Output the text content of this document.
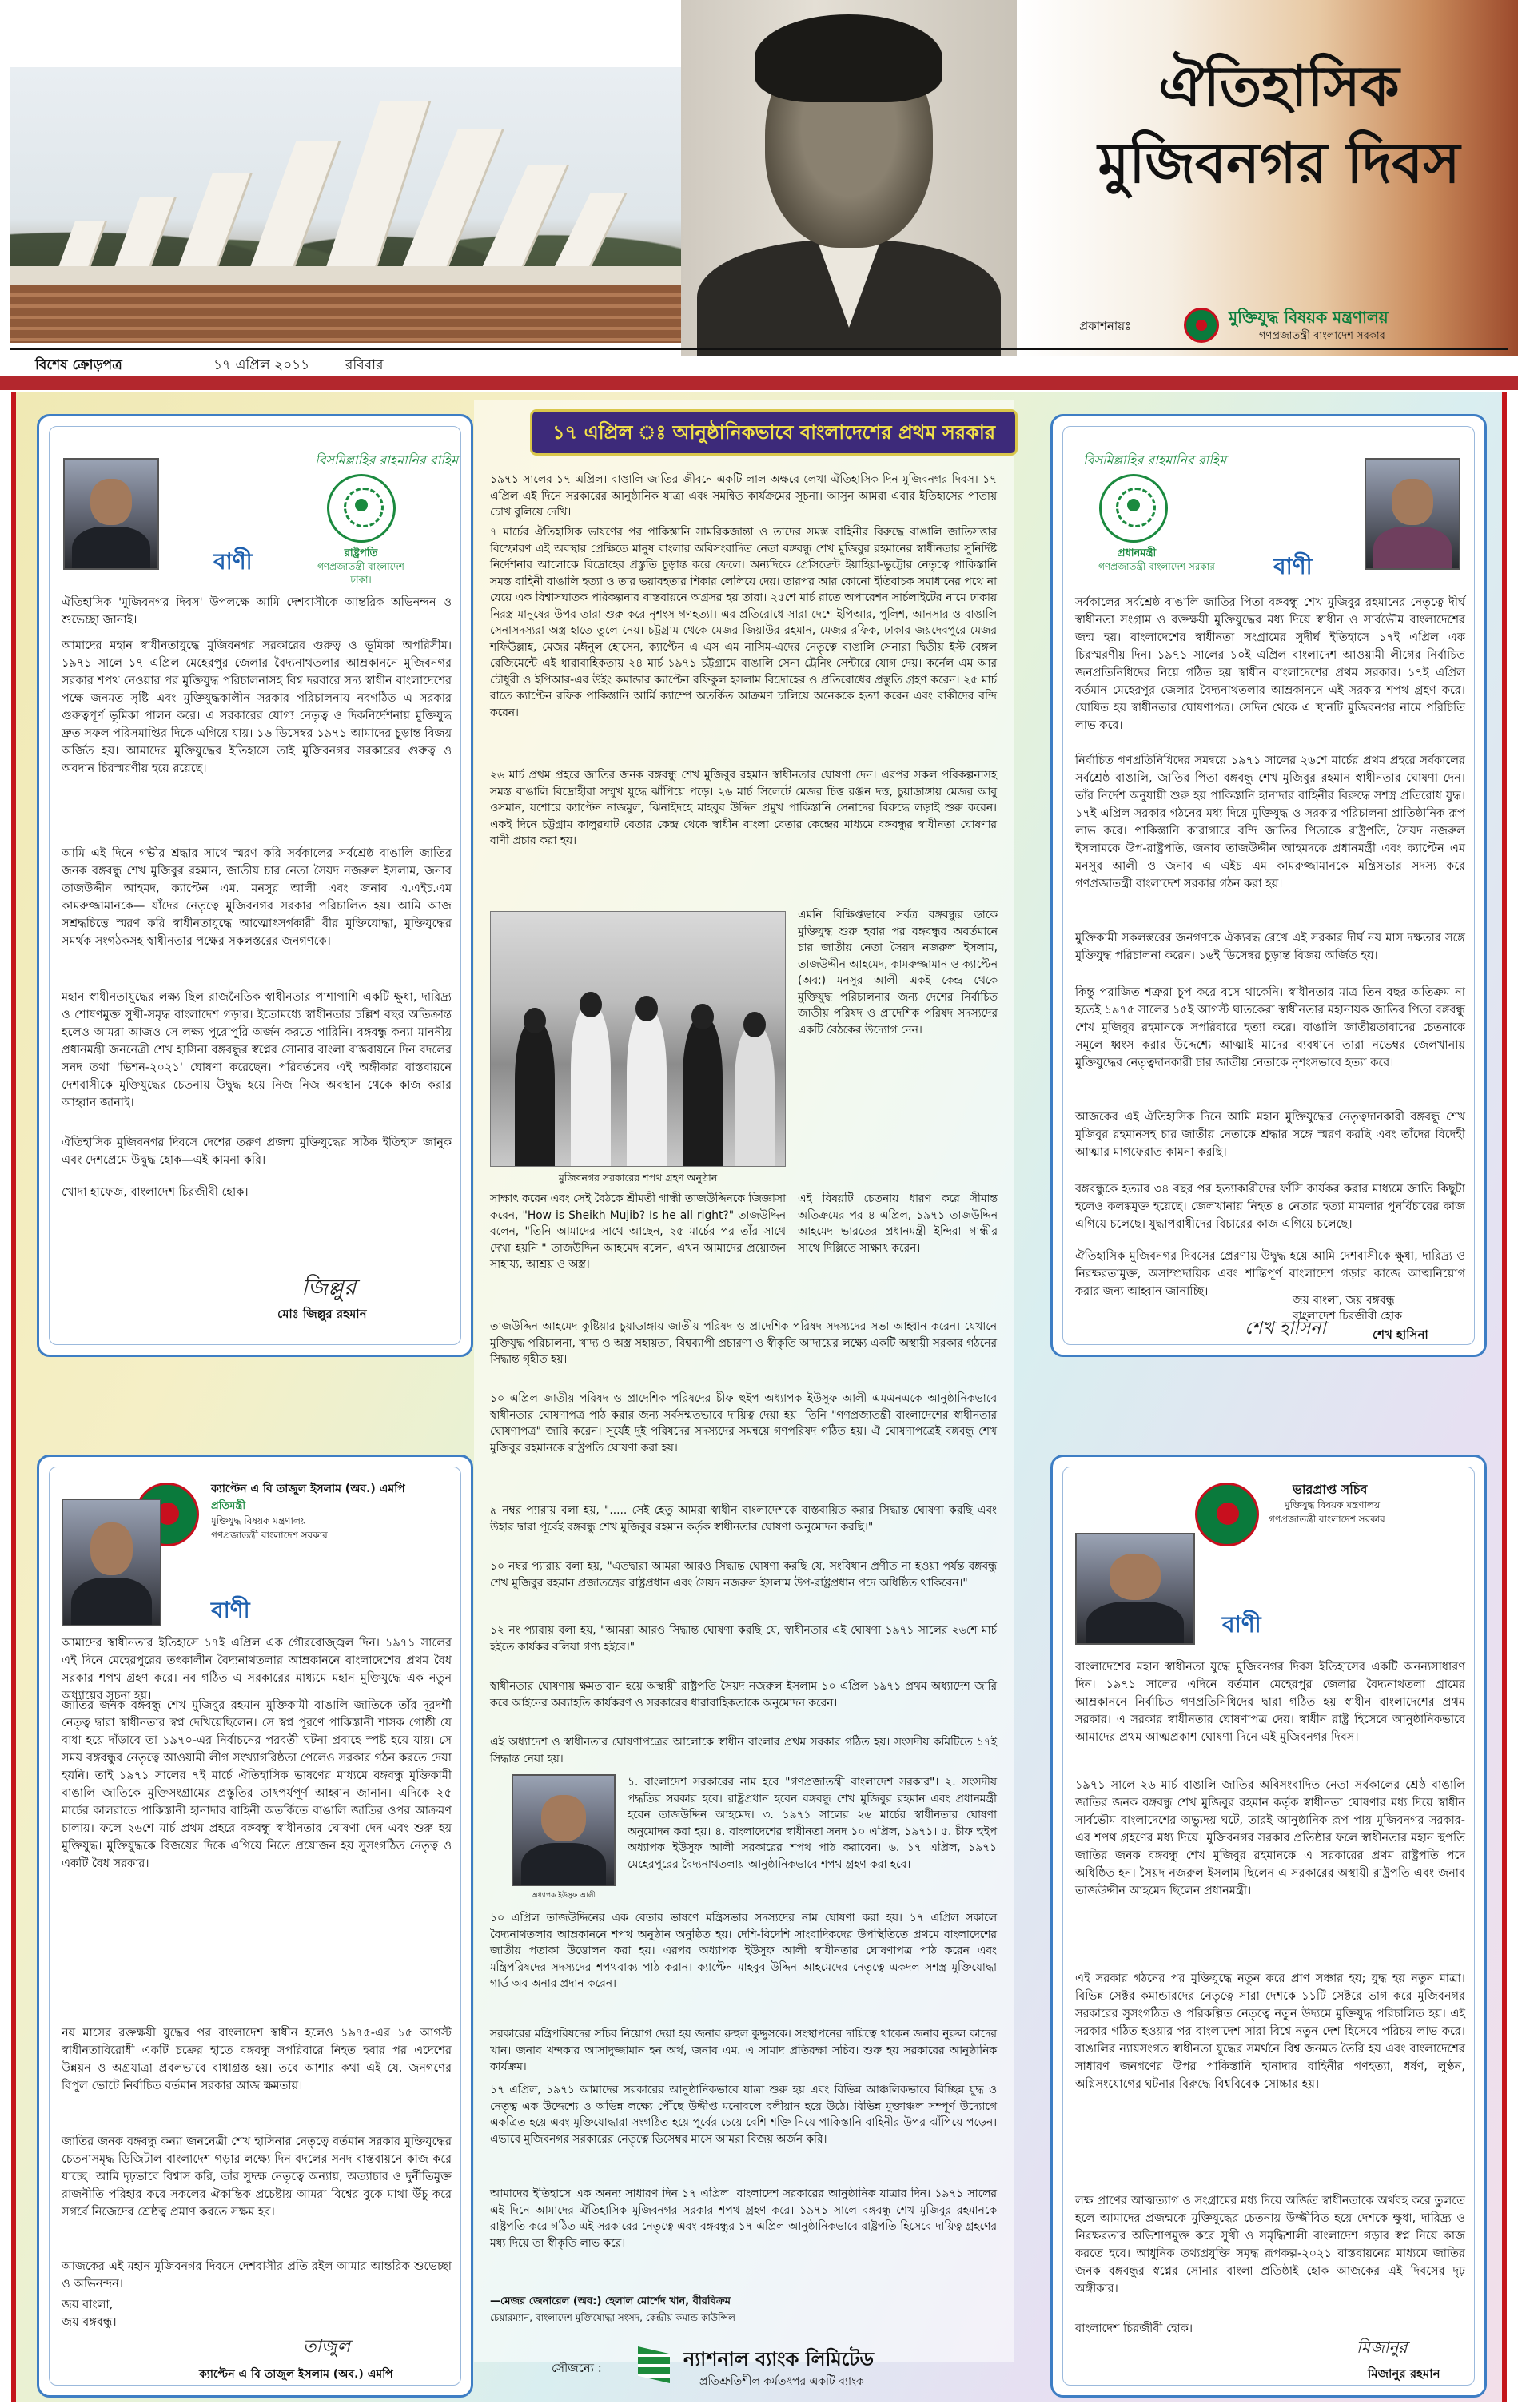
ঐতিহাসিক
মুজিবনগর দিবস
প্রকাশনায়ঃ	মুক্তিযুদ্ধ বিষয়ক মন্ত্রণালয়
গণপ্রজাতন্ত্রী বাংলাদেশ সরকার
বিশেষ ক্রোড়পত্র	১৭ এপ্রিল ২০১১	রবিবার
বিসমিল্লাহির রাহমানির রাহিম
রাষ্ট্রপতি
গণপ্রজাতন্ত্রী বাংলাদেশ
ঢাকা।
বাণী
ঐতিহাসিক 'মুজিবনগর দিবস' উপলক্ষে আমি দেশবাসীকে আন্তরিক অভিনন্দন ও শুভেচ্ছা জানাই।
আমাদের মহান স্বাধীনতাযুদ্ধে মুজিবনগর সরকারের গুরুত্ব ও ভূমিকা অপরিসীম। ১৯৭১ সালে ১৭ এপ্রিল মেহেরপুর জেলার বৈদ্যনাথতলার আম্রকাননে মুজিবনগর সরকার শপথ নেওয়ার পর মুক্তিযুদ্ধ পরিচালনাসহ বিশ্ব দরবারে সদ্য স্বাধীন বাংলাদেশের পক্ষে জনমত সৃষ্টি এবং মুক্তিযুদ্ধকালীন সরকার পরিচালনায় নবগঠিত এ সরকার গুরুত্বপূর্ণ ভূমিকা পালন করে। এ সরকারের যোগ্য নেতৃত্ব ও দিকনির্দেশনায় মুক্তিযুদ্ধ দ্রুত সফল পরিসমাপ্তির দিকে এগিয়ে যায়। ১৬ ডিসেম্বর ১৯৭১ আমাদের চূড়ান্ত বিজয় অর্জিত হয়। আমাদের মুক্তিযুদ্ধের ইতিহাসে তাই মুজিবনগর সরকারের গুরুত্ব ও অবদান চিরস্মরণীয় হয়ে রয়েছে।
আমি এই দিনে গভীর শ্রদ্ধার সাথে স্মরণ করি সর্বকালের সর্বশ্রেষ্ঠ বাঙালি জাতির জনক বঙ্গবন্ধু শেখ মুজিবুর রহমান, জাতীয় চার নেতা সৈয়দ নজরুল ইসলাম, জনাব তাজউদ্দীন আহমদ, ক্যাপ্টেন এম. মনসুর আলী এবং জনাব এ.এইচ.এম কামরুজ্জামানকে— যাঁদের নেতৃত্বে মুজিবনগর সরকার পরিচালিত হয়। আমি আজ সশ্রদ্ধচিত্তে স্মরণ করি স্বাধীনতাযুদ্ধে আত্মোৎসর্গকারী বীর মুক্তিযোদ্ধা, মুক্তিযুদ্ধের সমর্থক সংগঠকসহ স্বাধীনতার পক্ষের সকলস্তরের জনগণকে।
মহান স্বাধীনতাযুদ্ধের লক্ষ্য ছিল রাজনৈতিক স্বাধীনতার পাশাপাশি একটি ক্ষুধা, দারিদ্র্য ও শোষণমুক্ত সুখী-সমৃদ্ধ বাংলাদেশ গড়ার। ইতোমধ্যে স্বাধীনতার চল্লিশ বছর অতিক্রান্ত হলেও আমরা আজও সে লক্ষ্য পুরোপুরি অর্জন করতে পারিনি। বঙ্গবন্ধু কন্যা মাননীয় প্রধানমন্ত্রী জননেত্রী শেখ হাসিনা বঙ্গবন্ধুর স্বপ্নের সোনার বাংলা বাস্তবায়নে দিন বদলের সনদ তথা 'ভিশন-২০২১' ঘোষণা করেছেন। পরিবর্তনের এই অঙ্গীকার বাস্তবায়নে দেশবাসীকে মুক্তিযুদ্ধের চেতনায় উদ্বুদ্ধ হয়ে নিজ নিজ অবস্থান থেকে কাজ করার আহ্বান জানাই।
ঐতিহাসিক মুজিবনগর দিবসে দেশের তরুণ প্রজন্ম মুক্তিযুদ্ধের সঠিক ইতিহাস জানুক এবং দেশপ্রেমে উদ্বুদ্ধ হোক—এই কামনা করি।
খোদা হাফেজ, বাংলাদেশ চিরজীবী হোক।
জিল্লুর
মোঃ জিল্লুর রহমান
বিসমিল্লাহির রাহমানির রাহিম
প্রধানমন্ত্রী
গণপ্রজাতন্ত্রী বাংলাদেশ সরকার	বাণী
সর্বকালের সর্বশ্রেষ্ঠ বাঙালি জাতির পিতা বঙ্গবন্ধু শেখ মুজিবুর রহমানের নেতৃত্বে দীর্ঘ স্বাধীনতা সংগ্রাম ও রক্তক্ষয়ী মুক্তিযুদ্ধের মধ্য দিয়ে স্বাধীন ও সার্বভৌম বাংলাদেশের জন্ম হয়। বাংলাদেশের স্বাধীনতা সংগ্রামের সুদীর্ঘ ইতিহাসে ১৭ই এপ্রিল এক চিরস্মরণীয় দিন। ১৯৭১ সালের ১০ই এপ্রিল বাংলাদেশ আওয়ামী লীগের নির্বাচিত জনপ্রতিনিধিদের নিয়ে গঠিত হয় স্বাধীন বাংলাদেশের প্রথম সরকার। ১৭ই এপ্রিল বর্তমান মেহেরপুর জেলার বৈদ্যনাথতলার আম্রকাননে এই সরকার শপথ গ্রহণ করে। ঘোষিত হয় স্বাধীনতার ঘোষণাপত্র। সেদিন থেকে এ স্থানটি মুজিবনগর নামে পরিচিতি লাভ করে।
নির্বাচিত গণপ্রতিনিধিদের সমন্বয়ে ১৯৭১ সালের ২৬শে মার্চের প্রথম প্রহরে সর্বকালের সর্বশ্রেষ্ঠ বাঙালি, জাতির পিতা বঙ্গবন্ধু শেখ মুজিবুর রহমান স্বাধীনতার ঘোষণা দেন। তাঁর নির্দেশ অনুযায়ী শুরু হয় পাকিস্তানি হানাদার বাহিনীর বিরুদ্ধে সশস্ত্র প্রতিরোধ যুদ্ধ। ১৭ই এপ্রিল সরকার গঠনের মধ্য দিয়ে মুক্তিযুদ্ধ ও সরকার পরিচালনা প্রাতিষ্ঠানিক রূপ লাভ করে। পাকিস্তানি কারাগারে বন্দি জাতির পিতাকে রাষ্ট্রপতি, সৈয়দ নজরুল ইসলামকে উপ-রাষ্ট্রপতি, জনাব তাজউদ্দীন আহমদকে প্রধানমন্ত্রী এবং ক্যাপ্টেন এম মনসুর আলী ও জনাব এ এইচ এম কামরুজ্জামানকে মন্ত্রিসভার সদস্য করে গণপ্রজাতন্ত্রী বাংলাদেশ সরকার গঠন করা হয়।
মুক্তিকামী সকলস্তরের জনগণকে ঐক্যবদ্ধ রেখে এই সরকার দীর্ঘ নয় মাস দক্ষতার সঙ্গে মুক্তিযুদ্ধ পরিচালনা করেন। ১৬ই ডিসেম্বর চূড়ান্ত বিজয় অর্জিত হয়।
কিন্তু পরাজিত শত্রুরা চুপ করে বসে থাকেনি। স্বাধীনতার মাত্র তিন বছর অতিক্রম না হতেই ১৯৭৫ সালের ১৫ই আগস্ট ঘাতকেরা স্বাধীনতার মহানায়ক জাতির পিতা বঙ্গবন্ধু শেখ মুজিবুর রহমানকে সপরিবারে হত্যা করে। বাঙালি জাতীয়তাবাদের চেতনাকে সমূলে ধ্বংস করার উদ্দেশ্যে আত্মাই মাদের ব্যবধানে তারা নভেম্বর জেলখানায় মুক্তিযুদ্ধের নেতৃত্বদানকারী চার জাতীয় নেতাকে নৃশংসভাবে হত্যা করে।
আজকের এই ঐতিহাসিক দিনে আমি মহান মুক্তিযুদ্ধের নেতৃত্বদানকারী বঙ্গবন্ধু শেখ মুজিবুর রহমানসহ চার জাতীয় নেতাকে শ্রদ্ধার সঙ্গে স্মরণ করছি এবং তাঁদের বিদেহী আত্মার মাগফেরাত কামনা করছি।
বঙ্গবন্ধুকে হত্যার ৩৪ বছর পর হত্যাকারীদের ফাঁসি কার্যকর করার মাধ্যমে জাতি কিছুটা হলেও কলঙ্কমুক্ত হয়েছে। জেলখানায় নিহত ৪ নেতার হত্যা মামলার পুনর্বিচারের কাজ এগিয়ে চলেছে। যুদ্ধাপরাধীদের বিচারের কাজ এগিয়ে চলেছে।
ঐতিহাসিক মুজিবনগর দিবসের প্রেরণায় উদ্বুদ্ধ হয়ে আমি দেশবাসীকে ক্ষুধা, দারিদ্র্য ও নিরক্ষরতামুক্ত, অসাম্প্রদায়িক এবং শান্তিপূর্ণ বাংলাদেশ গড়ার কাজে আত্মনিয়োগ করার জন্য আহ্বান জানাচ্ছি।
জয় বাংলা, জয় বঙ্গবন্ধু
বাংলাদেশ চিরজীবী হোক
শেখ হাসিনা	শেখ হাসিনা
ক্যাপ্টেন এ বি তাজুল ইসলাম (অব.) এমপি
প্রতিমন্ত্রী
মুক্তিযুদ্ধ বিষয়ক মন্ত্রণালয়
গণপ্রজাতন্ত্রী বাংলাদেশ সরকার
বাণী
আমাদের স্বাধীনতার ইতিহাসে ১৭ই এপ্রিল এক গৌরবোজ্জ্বল দিন। ১৯৭১ সালের এই দিনে মেহেরপুরের তৎকালীন বৈদ্যনাথতলার আম্রকাননে বাংলাদেশের প্রথম বৈধ সরকার শপথ গ্রহণ করে। নব গঠিত এ সরকারের মাধ্যমে মহান মুক্তিযুদ্ধে এক নতুন অধ্যায়ের সূচনা হয়।
জাতির জনক বঙ্গবন্ধু শেখ মুজিবুর রহমান মুক্তিকামী বাঙালি জাতিকে তাঁর দূরদর্শী নেতৃত্ব দ্বারা স্বাধীনতার স্বপ্ন দেখিয়েছিলেন। সে স্বপ্ন পূরণে পাকিস্তানী শাসক গোষ্ঠী যে বাধা হয়ে দাঁড়াবে তা ১৯৭০-এর নির্বাচনের পরবর্তী ঘটনা প্রবাহে স্পষ্ট হয়ে যায়। সে সময় বঙ্গবন্ধুর নেতৃত্বে আওয়ামী লীগ সংখ্যাগরিষ্ঠতা পেলেও সরকার গঠন করতে দেয়া হয়নি। তাই ১৯৭১ সালের ৭ই মার্চে ঐতিহাসিক ভাষণের মাধ্যমে বঙ্গবন্ধু মুক্তিকামী বাঙালি জাতিকে মুক্তিসংগ্রামের প্রস্তুতির তাৎপর্যপূর্ণ আহ্বান জানান। এদিকে ২৫ মার্চের কালরাতে পাকিস্তানী হানাদার বাহিনী অতর্কিতে বাঙালি জাতির ওপর আক্রমণ চালায়। ফলে ২৬শে মার্চ প্রথম প্রহরে বঙ্গবন্ধু স্বাধীনতার ঘোষণা দেন এবং শুরু হয় মুক্তিযুদ্ধ। মুক্তিযুদ্ধকে বিজয়ের দিকে এগিয়ে নিতে প্রয়োজন হয় সুসংগঠিত নেতৃত্ব ও একটি বৈধ সরকার।
নয় মাসের রক্তক্ষয়ী যুদ্ধের পর বাংলাদেশ স্বাধীন হলেও ১৯৭৫-এর ১৫ আগস্ট স্বাধীনতাবিরোধী একটি চক্রের হাতে বঙ্গবন্ধু সপরিবারে নিহত হবার পর এদেশের উন্নয়ন ও অগ্রযাত্রা প্রবলভাবে বাধাগ্রস্ত হয়। তবে আশার কথা এই যে, জনগণের বিপুল ভোটে নির্বাচিত বর্তমান সরকার আজ ক্ষমতায়।
জাতির জনক বঙ্গবন্ধু কন্যা জননেত্রী শেখ হাসিনার নেতৃত্বে বর্তমান সরকার মুক্তিযুদ্ধের চেতনাসমৃদ্ধ ডিজিটাল বাংলাদেশ গড়ার লক্ষ্যে দিন বদলের সনদ বাস্তবায়নে কাজ করে যাচ্ছে। আমি দৃঢ়ভাবে বিশ্বাস করি, তাঁর সুদক্ষ নেতৃত্বে অন্যায়, অত্যাচার ও দুর্নীতিমুক্ত রাজনীতি পরিহার করে সকলের ঐকান্তিক প্রচেষ্টায় আমরা বিশ্বের বুকে মাথা উঁচু করে সগর্বে নিজেদের শ্রেষ্ঠত্ব প্রমাণ করতে সক্ষম হব।
আজকের এই মহান মুজিবনগর দিবসে দেশবাসীর প্রতি রইল আমার আন্তরিক শুভেচ্ছা ও অভিনন্দন।
জয় বাংলা,
জয় বঙ্গবন্ধু।
তাজুল
ক্যাপ্টেন এ বি তাজুল ইসলাম (অব.) এমপি
ভারপ্রাপ্ত সচিব
মুক্তিযুদ্ধ বিষয়ক মন্ত্রণালয়
গণপ্রজাতন্ত্রী বাংলাদেশ সরকার
বাণী
বাংলাদেশের মহান স্বাধীনতা যুদ্ধে মুজিবনগর দিবস ইতিহাসের একটি অনন্যসাধারণ দিন। ১৯৭১ সালের এদিনে বর্তমান মেহেরপুর জেলার বৈদ্যনাথতলা গ্রামের আম্রকাননে নির্বাচিত গণপ্রতিনিধিদের দ্বারা গঠিত হয় স্বাধীন বাংলাদেশের প্রথম সরকার। এ সরকার স্বাধীনতার ঘোষণাপত্র দেয়। স্বাধীন রাষ্ট্র হিসেবে আনুষ্ঠানিকভাবে আমাদের প্রথম আত্মপ্রকাশ ঘোষণা দিনে এই মুজিবনগর দিবস।
১৯৭১ সালে ২৬ মার্চ বাঙালি জাতির অবিসংবাদিত নেতা সর্বকালের শ্রেষ্ঠ বাঙালি জাতির জনক বঙ্গবন্ধু শেখ মুজিবুর রহমান কর্তৃক স্বাধীনতা ঘোষণার মধ্য দিয়ে স্বাধীন সার্বভৌম বাংলাদেশের অভ্যুদয় ঘটে, তারই আনুষ্ঠানিক রূপ পায় মুজিবনগর সরকার-এর শপথ গ্রহণের মধ্য দিয়ে। মুজিবনগর সরকার প্রতিষ্ঠার ফলে স্বাধীনতার মহান স্থপতি জাতির জনক বঙ্গবন্ধু শেখ মুজিবুর রহমানকে এ সরকারের প্রথম রাষ্ট্রপতি পদে অধিষ্ঠিত হন। সৈয়দ নজরুল ইসলাম ছিলেন এ সরকারের অস্থায়ী রাষ্ট্রপতি এবং জনাব তাজউদ্দীন আহমেদ ছিলেন প্রধানমন্ত্রী।
এই সরকার গঠনের পর মুক্তিযুদ্ধে নতুন করে প্রাণ সঞ্চার হয়; যুদ্ধ হয় নতুন মাত্রা। বিভিন্ন সেক্টর কমান্ডারদের নেতৃত্বে সারা দেশকে ১১টি সেক্টরে ভাগ করে মুজিবনগর সরকারের সুসংগঠিত ও পরিকল্পিত নেতৃত্বে নতুন উদ্যমে মুক্তিযুদ্ধ পরিচালিত হয়। এই সরকার গঠিত হওয়ার পর বাংলাদেশ সারা বিশ্বে নতুন দেশ হিসেবে পরিচয় লাভ করে। বাঙালির ন্যায়সংগত স্বাধীনতা যুদ্ধের সমর্থনে বিশ্ব জনমত তৈরি হয় এবং বাংলাদেশের সাধারণ জনগণের উপর পাকিস্তানি হানাদার বাহিনীর গণহত্যা, ধর্ষণ, লুণ্ঠন, অগ্নিসংযোগের ঘটনার বিরুদ্ধে বিশ্ববিবেক সোচ্চার হয়।
লক্ষ প্রাণের আত্মত্যাগ ও সংগ্রামের মধ্য দিয়ে অর্জিত স্বাধীনতাকে অর্থবহ করে তুলতে হলে আমাদের প্রজন্মকে মুক্তিযুদ্ধের চেতনায় উজ্জীবিত হয়ে দেশকে ক্ষুধা, দারিদ্র্য ও নিরক্ষরতার অভিশাপমুক্ত করে সুখী ও সমৃদ্ধিশালী বাংলাদেশ গড়ার স্বপ্ন নিয়ে কাজ করতে হবে। আধুনিক তথ্যপ্রযুক্তি সমৃদ্ধ রূপকল্প-২০২১ বাস্তবায়নের মাধ্যমে জাতির জনক বঙ্গবন্ধুর স্বপ্নের সোনার বাংলা প্রতিষ্ঠাই হোক আজকের এই দিবসের দৃঢ় অঙ্গীকার।
বাংলাদেশ চিরজীবী হোক।
মিজানুর
মিজানুর রহমান
১৭ এপ্রিল ঃ আনুষ্ঠানিকভাবে বাংলাদেশের প্রথম সরকার
১৯৭১ সালের ১৭ এপ্রিল। বাঙালি জাতির জীবনে একটি লাল অক্ষরে লেখা ঐতিহাসিক দিন মুজিবনগর দিবস। ১৭ এপ্রিল এই দিনে সরকারের আনুষ্ঠানিক যাত্রা এবং সমন্বিত কার্যক্রমের সূচনা। আসুন আমরা এবার ইতিহাসের পাতায় চোখ বুলিয়ে দেখি।
৭ মার্চের ঐতিহাসিক ভাষণের পর পাকিস্তানি সামরিকজান্তা ও তাদের সমস্ত বাহিনীর বিরুদ্ধে বাঙালি জাতিসত্তার বিস্ফোরণ এই অবস্থার প্রেক্ষিতে মানুষ বাংলার অবিসংবাদিত নেতা বঙ্গবন্ধু শেখ মুজিবুর রহমানের স্বাধীনতার সুনির্দিষ্ট নির্দেশনার আলোকে বিদ্রোহের প্রস্তুতি চূড়ান্ত করে ফেলে। অন্যদিকে প্রেসিডেন্ট ইয়াহিয়া-ভুট্টোর নেতৃত্বে পাকিস্তানি সমস্ত বাহিনী বাঙালি হত্যা ও তার ভয়াবহতার শিকার লেলিয়ে দেয়। তারপর আর কোনো ইতিবাচক সমাধানের পথে না যেয়ে এক বিশ্বাসঘাতক পরিকল্পনার বাস্তবায়নে অগ্রসর হয় তারা। ২৫শে মার্চ রাতে অপারেশন সার্চলাইটের নামে ঢাকায় নিরস্ত্র মানুষের উপর তারা শুরু করে নৃশংস গণহত্যা। এর প্রতিরোধে সারা দেশে ইপিআর, পুলিশ, আনসার ও বাঙালি সেনাসদস্যরা অস্ত্র হাতে তুলে নেয়। চট্টগ্রাম থেকে মেজর জিয়াউর রহমান, মেজর রফিক, ঢাকার জয়দেবপুরে মেজর শফিউল্লাহ, মেজর মঈনুল হোসেন, ক্যাপ্টেন এ এস এম নাসিম-এদের নেতৃত্বে বাঙালি সেনারা দ্বিতীয় ইস্ট বেঙ্গল রেজিমেন্টে এই ধারাবাহিকতায় ২৪ মার্চ ১৯৭১ চট্টগ্রামে বাঙালি সেনা ট্রেনিং সেন্টারে যোগ দেয়। কর্নেল এম আর চৌধুরী ও ইপিআর-এর উইং কমান্ডার ক্যাপ্টেন রফিকুল ইসলাম বিদ্রোহের ও প্রতিরোধের প্রস্তুতি গ্রহণ করেন। ২৫ মার্চ রাতে ক্যাপ্টেন রফিক পাকিস্তানি আর্মি ক্যাম্পে অতর্কিত আক্রমণ চালিয়ে অনেককে হত্যা করেন এবং বাকীদের বন্দি করেন।
২৬ মার্চ প্রথম প্রহরে জাতির জনক বঙ্গবন্ধু শেখ মুজিবুর রহমান স্বাধীনতার ঘোষণা দেন। এরপর সকল পরিকল্পনাসহ সমস্ত বাঙালি বিদ্রোহীরা সম্মুখ যুদ্ধে ঝাঁপিয়ে পড়ে। ২৬ মার্চ সিলেটে মেজর চিত্ত রঞ্জন দত্ত, চুয়াডাঙ্গায় মেজর আবু ওসমান, যশোরে ক্যাপ্টেন নাজমুল, ঝিনাইদহে মাহবুব উদ্দিন প্রমুখ পাকিস্তানি সেনাদের বিরুদ্ধে লড়াই শুরু করেন। একই দিনে চট্টগ্রাম কালুরঘাট বেতার কেন্দ্র থেকে স্বাধীন বাংলা বেতার কেন্দ্রের মাধ্যমে বঙ্গবন্ধুর স্বাধীনতা ঘোষণার বাণী প্রচার করা হয়।
মুজিবনগর সরকারের শপথ গ্রহণ অনুষ্ঠান
এমনি বিক্ষিপ্তভাবে সর্বত্র বঙ্গবন্ধুর ডাকে মুক্তিযুদ্ধ শুরু হবার পর বঙ্গবন্ধুর অবর্তমানে চার জাতীয় নেতা সৈয়দ নজরুল ইসলাম, তাজউদ্দীন আহমেদ, কামরুজ্জামান ও ক্যাপ্টেন (অব:) মনসুর আলী একই কেন্দ্র থেকে মুক্তিযুদ্ধ পরিচালনার জন্য দেশের নির্বাচিত জাতীয় পরিষদ ও প্রাদেশিক পরিষদ সদস্যদের একটি বৈঠকের উদ্যোগ নেন।
এই বিষয়টি চেতনায় ধারণ করে সীমান্ত অতিক্রমের পর ৪ এপ্রিল, ১৯৭১ তাজউদ্দিন আহমেদ ভারতের প্রধানমন্ত্রী ইন্দিরা গান্ধীর সাথে দিল্লিতে সাক্ষাৎ করেন।
সাক্ষাৎ করেন এবং সেই বৈঠকে শ্রীমতী গান্ধী তাজউদ্দিনকে জিজ্ঞাসা করেন, "How is Sheikh Mujib? Is he all right?" তাজউদ্দিন বলেন, "তিনি আমাদের সাথে আছেন, ২৫ মার্চের পর তাঁর সাথে দেখা হয়নি।" তাজউদ্দিন আহমেদ বলেন, এখন আমাদের প্রয়োজন সাহায্য, আশ্রয় ও অস্ত্র।
তাজউদ্দিন আহমেদ কুষ্টিয়ার চুয়াডাঙ্গায় জাতীয় পরিষদ ও প্রাদেশিক পরিষদ সদস্যদের সভা আহ্বান করেন। যেখানে মুক্তিযুদ্ধ পরিচালনা, খাদ্য ও অস্ত্র সহায়তা, বিশ্বব্যাপী প্রচারণা ও স্বীকৃতি আদায়ের লক্ষ্যে একটি অস্থায়ী সরকার গঠনের সিদ্ধান্ত গৃহীত হয়।
১০ এপ্রিল জাতীয় পরিষদ ও প্রাদেশিক পরিষদের চীফ হুইপ অধ্যাপক ইউসুফ আলী এমএনএকে আনুষ্ঠানিকভাবে স্বাধীনতার ঘোষণাপত্র পাঠ করার জন্য সর্বসম্মতভাবে দায়িত্ব দেয়া হয়। তিনি "গণপ্রজাতন্ত্রী বাংলাদেশের স্বাধীনতার ঘোষণাপত্র" জারি করেন। সূর্যেই দুই পরিষদের সদস্যদের সমন্বয়ে গণপরিষদ গঠিত হয়। ঐ ঘোষণাপত্রেই বঙ্গবন্ধু শেখ মুজিবুর রহমানকে রাষ্ট্রপতি ঘোষণা করা হয়।
৯ নম্বর প্যারায় বলা হয়, "..... সেই হেতু আমরা স্বাধীন বাংলাদেশকে বাস্তবায়িত করার সিদ্ধান্ত ঘোষণা করছি এবং উহার দ্বারা পূর্বেই বঙ্গবন্ধু শেখ মুজিবুর রহমান কর্তৃক স্বাধীনতার ঘোষণা অনুমোদন করছি।"
১০ নম্বর প্যারায় বলা হয়, "এতদ্বারা আমরা আরও সিদ্ধান্ত ঘোষণা করছি যে, সংবিধান প্রণীত না হওয়া পর্যন্ত বঙ্গবন্ধু শেখ মুজিবুর রহমান প্রজাতন্ত্রের রাষ্ট্রপ্রধান এবং সৈয়দ নজরুল ইসলাম উপ-রাষ্ট্রপ্রধান পদে অধিষ্ঠিত থাকিবেন।"
১২ নং প্যারায় বলা হয়, "আমরা আরও সিদ্ধান্ত ঘোষণা করছি যে, স্বাধীনতার এই ঘোষণা ১৯৭১ সালের ২৬শে মার্চ হইতে কার্যকর বলিয়া গণ্য হইবে।"
স্বাধীনতার ঘোষণায় ক্ষমতাবান হয়ে অস্থায়ী রাষ্ট্রপতি সৈয়দ নজরুল ইসলাম ১০ এপ্রিল ১৯৭১ প্রথম অধ্যাদেশ জারি করে আইনের অব্যাহতি কার্যকরণ ও সরকারের ধারাবাহিকতাকে অনুমোদন করেন।
এই অধ্যাদেশ ও স্বাধীনতার ঘোষণাপত্রের আলোকে স্বাধীন বাংলার প্রথম সরকার গঠিত হয়। সংসদীয় কমিটিতে ১৭ই সিদ্ধান্ত নেয়া হয়।
অধ্যাপক ইউসুফ আলী
১. বাংলাদেশ সরকারের নাম হবে "গণপ্রজাতন্ত্রী বাংলাদেশ সরকার"। ২. সংসদীয় পদ্ধতির সরকার হবে। রাষ্ট্রপ্রধান হবেন বঙ্গবন্ধু শেখ মুজিবুর রহমান এবং প্রধানমন্ত্রী হবেন তাজউদ্দিন আহমেদ। ৩. ১৯৭১ সালের ২৬ মার্চের স্বাধীনতার ঘোষণা অনুমোদন করা হয়। ৪. বাংলাদেশের স্বাধীনতা সনদ ১০ এপ্রিল, ১৯৭১। ৫. চীফ হুইপ অধ্যাপক ইউসুফ আলী সরকারের শপথ পাঠ করাবেন। ৬. ১৭ এপ্রিল, ১৯৭১ মেহেরপুরের বৈদ্যনাথতলায় আনুষ্ঠানিকভাবে শপথ গ্রহণ করা হবে।
১০ এপ্রিল তাজউদ্দিনের এক বেতার ভাষণে মন্ত্রিসভার সদস্যদের নাম ঘোষণা করা হয়। ১৭ এপ্রিল সকালে বৈদ্যনাথতলার আম্রকাননে শপথ অনুষ্ঠান অনুষ্ঠিত হয়। দেশি-বিদেশি সাংবাদিকদের উপস্থিতিতে প্রথমে বাংলাদেশের জাতীয় পতাকা উত্তোলন করা হয়। এরপর অধ্যাপক ইউসুফ আলী স্বাধীনতার ঘোষণাপত্র পাঠ করেন এবং মন্ত্রিপরিষদের সদস্যদের শপথবাক্য পাঠ করান। ক্যাপ্টেন মাহবুব উদ্দিন আহমেদের নেতৃত্বে একদল সশস্ত্র মুক্তিযোদ্ধা গার্ড অব অনার প্রদান করেন।
সরকারের মন্ত্রিপরিষদের সচিব নিয়োগ দেয়া হয় জনাব রুহুল কুদ্দুসকে। সংস্থাপনের দায়িত্বে থাকেন জনাব নুরুল কাদের খান। জনাব খন্দকার আসাদুজ্জামান হন অর্থ, জনাব এম. এ সামাদ প্রতিরক্ষা সচিব। শুরু হয় সরকারের আনুষ্ঠানিক কার্যক্রম।
১৭ এপ্রিল, ১৯৭১ আমাদের সরকারের আনুষ্ঠানিকভাবে যাত্রা শুরু হয় এবং বিভিন্ন আঞ্চলিকভাবে বিচ্ছিন্ন যুদ্ধ ও নেতৃত্ব এক উদ্দেশ্যে ও অভিন্ন লক্ষ্যে পৌঁছে উদ্দীপ্ত মনোবলে বলীয়ান হয়ে উঠে। বিভিন্ন মুক্তাঞ্চল সম্পূর্ণ উদ্যোগে একত্রিত হয়ে এবং মুক্তিযোদ্ধারা সংগঠিত হয়ে পূর্বের চেয়ে বেশি শক্তি নিয়ে পাকিস্তানি বাহিনীর উপর ঝাঁপিয়ে পড়েন। এভাবে মুজিবনগর সরকারের নেতৃত্বে ডিসেম্বর মাসে আমরা বিজয় অর্জন করি।
আমাদের ইতিহাসে এক অনন্য সাধারণ দিন ১৭ এপ্রিল। বাংলাদেশ সরকারের আনুষ্ঠানিক যাত্রার দিন। ১৯৭১ সালের এই দিনে আমাদের ঐতিহাসিক মুজিবনগর সরকার শপথ গ্রহণ করে। ১৯৭১ সালে বঙ্গবন্ধু শেখ মুজিবুর রহমানকে রাষ্ট্রপতি করে গঠিত এই সরকারের নেতৃত্বে এবং বঙ্গবন্ধুর ১৭ এপ্রিল আনুষ্ঠানিকভাবে রাষ্ট্রপতি হিসেবে দায়িত্ব গ্রহণের মধ্য দিয়ে তা স্বীকৃতি লাভ করে।
—মেজর জেনারেল (অব:) হেলাল মোর্শেদ খান, বীরবিক্রম
চেয়ারম্যান, বাংলাদেশ মুক্তিযোদ্ধা সংসদ, কেন্দ্রীয় কমান্ড কাউন্সিল
সৌজন্যে :	ন্যাশনাল ব্যাংক লিমিটেড
প্রতিশ্রুতিশীল কর্মতৎপর একটি ব্যাংক
